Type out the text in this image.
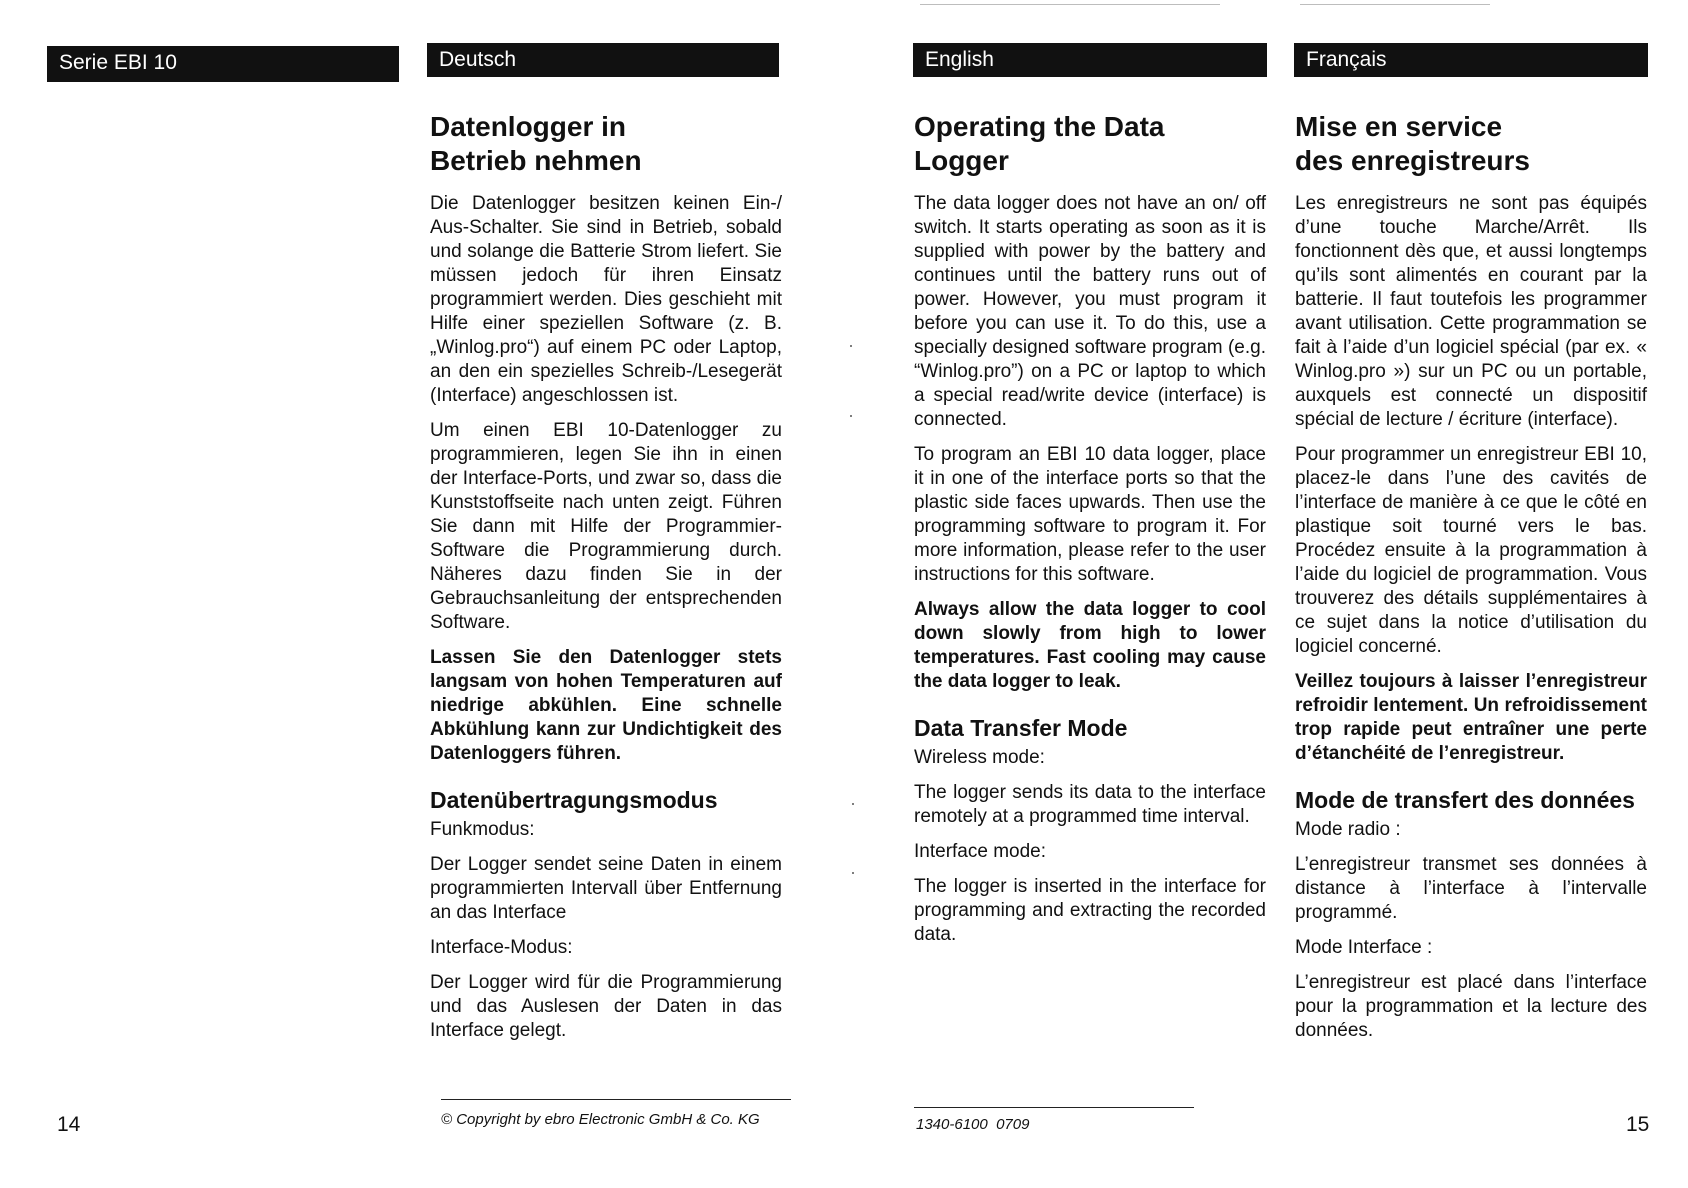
Serie EBI 10	Deutsch	English	Français
Datenlogger in
Betrieb nehmen

Die Datenlogger besitzen keinen Ein-/ Aus-Schalter. Sie sind in Betrieb, sobald und solange die Batterie Strom liefert. Sie müssen jedoch für ihren Einsatz programmiert werden. Dies geschieht mit Hilfe einer speziellen Software (z. B. „Winlog.pro“) auf einem PC oder Laptop, an den ein spezielles Schreib-/Lesegerät (Interface) angeschlossen ist.

Um einen EBI 10-Datenlogger zu programmieren, legen Sie ihn in einen der Interface-Ports, und zwar so, dass die Kunststoffseite nach unten zeigt. Führen Sie dann mit Hilfe der Programmier-Software die Programmierung durch. Näheres dazu finden Sie in der Gebrauchsanleitung der entsprechenden Software.

Lassen Sie den Datenlogger stets langsam von hohen Temperaturen auf niedrige abkühlen. Eine schnelle Abkühlung kann zur Undichtigkeit des Datenloggers führen.

Datenübertragungsmodus

Funkmodus:

Der Logger sendet seine Daten in einem programmierten Intervall über Entfernung an das Interface

Interface-Modus:

Der Logger wird für die Programmierung und das Auslesen der Daten in das Interface gelegt.

Operating the Data Logger

The data logger does not have an on/ off switch. It starts operating as soon as it is supplied with power by the battery and continues until the battery runs out of power. However, you must program it before you can use it. To do this, use a specially designed software program (e.g. “Winlog.pro”) on a PC or laptop to which a special read/write device (interface) is connected.

To program an EBI 10 data logger, place it in one of the interface ports so that the plastic side faces upwards. Then use the programming software to program it. For more information, please refer to the user instructions for this software.

Always allow the data logger to cool down slowly from high to lower temperatures. Fast cooling may cause the data logger to leak.

Data Transfer Mode

Wireless mode:

The logger sends its data to the interface remotely at a programmed time interval.

Interface mode:

The logger is inserted in the interface for programming and extracting the recorded data.

Mise en service
des enregistreurs

Les enregistreurs ne sont pas équipés d’une touche Marche/Arrêt. Ils fonctionnent dès que, et aussi longtemps qu’ils sont alimentés en courant par la batterie. Il faut toutefois les programmer avant utilisation. Cette programmation se fait à l’aide d’un logiciel spécial (par ex. « Winlog.pro ») sur un PC ou un portable, auxquels est connecté un dispositif spécial de lecture / écriture (interface).

Pour programmer un enregistreur EBI 10, placez-le dans l’une des cavités de l’interface de manière à ce que le côté en plastique soit tourné vers le bas. Procédez ensuite à la programmation à l’aide du logiciel de programmation. Vous trouverez des détails supplémentaires à ce sujet dans la notice d’utilisation du logiciel concerné.

Veillez toujours à laisser l’enregistreur refroidir lentement. Un refroidissement trop rapide peut entraîner une perte d’étanchéité de l’enregistreur.

Mode de transfert des données

Mode radio :

L’enregistreur transmet ses données à distance à l’interface à l’intervalle programmé.

Mode Interface :

L’enregistreur est placé dans l’interface pour la programmation et la lecture des données.

© Copyright by ebro Electronic GmbH & Co. KG	1340-6100  0709
14	15
